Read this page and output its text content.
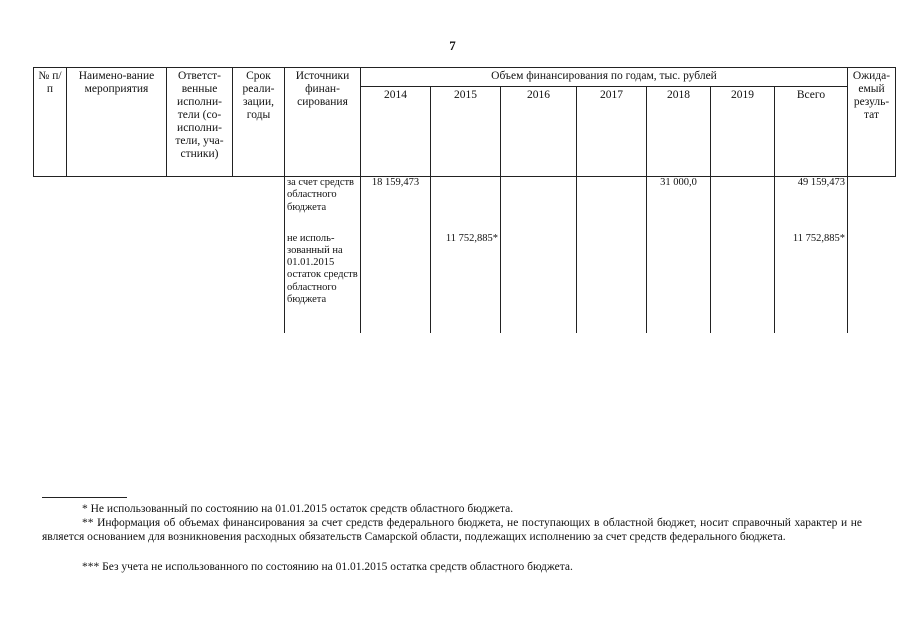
7
№ п/п	Наимено-вание мероприятия	Ответст-венные исполни-тели (со-исполни-тели, уча-стники)	Срок реали-зации, годы	Источники финан-сирования	Объем финансирования по годам, тыс. рублей							Ожида-емый резуль-тат
					2014	2015	2016	2017	2018	2019	Всего	
				за счет средств областного бюджета	18 159,473				31 000,0		49 159,473	
				не исполь-зованный на 01.01.2015 остаток средств областного бюджета		11 752,885*					11 752,885*	
* Не использованный по состоянию на 01.01.2015 остаток средств областного бюджета.
** Информация об объемах финансирования за счет средств федерального бюджета, не поступающих в областной бюджет, носит справочный характер и не является основанием для возникновения расходных обязательств Самарской области, подлежащих исполнению за счет средств федерального бюджета.
*** Без учета не использованного по состоянию на 01.01.2015 остатка средств областного бюджета.
